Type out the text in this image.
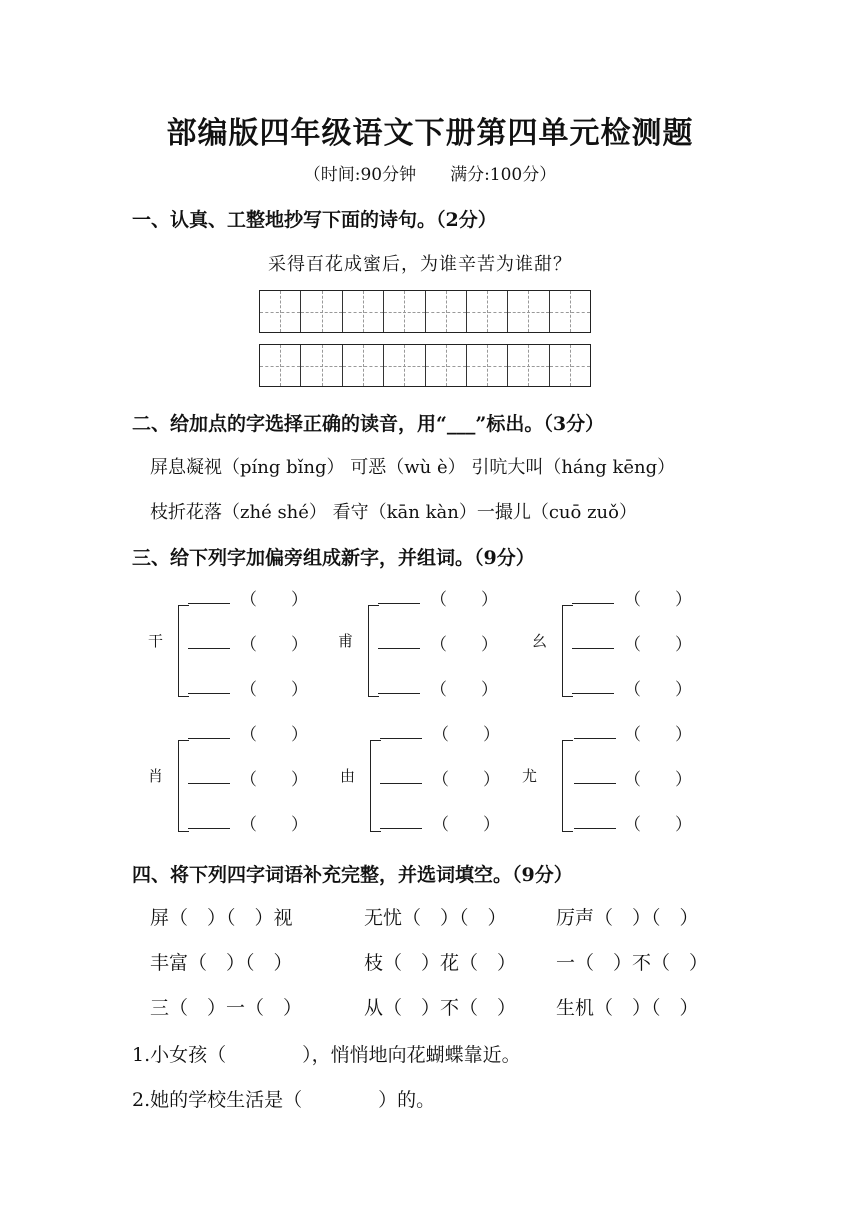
部编版四年级语文下册第四单元检测题
（时间:90分钟　　满分:100分）
一、认真、工整地抄写下面的诗句。（2分）
采得百花成蜜后，为谁辛苦为谁甜？
二、给加点的字选择正确的读音，用“___”标出。（3分）
屏息凝视（píng bǐng） 可恶（wù è） 引吭大叫（háng kēng）
枝折花落（zhé shé） 看守（kān kàn）一撮儿（cuō zuǒ）
三、给下列字加偏旁组成新字，并组词。（9分）
干
（　　）
（　　）
（　　）
甫
（　　）
（　　）
（　　）
⺓
（　　）
（　　）
（　　）
肖
（　　）
（　　）
（　　）
由
（　　）
（　　）
（　　）
尤
（　　）
（　　）
（　　）
四、将下列四字词语补充完整，并选词填空。（9分）
屏（　）（　）视	无忧（　）（　）	厉声（　）（　）
丰富（　）（　）	枝（　）花（　） 一（　）不（　）
三（　）一（　）	从（　）不（　） 生机（　）（　）
1.小女孩（　　　　），悄悄地向花蝴蝶靠近。
2.她的学校生活是（　　　　）的。
